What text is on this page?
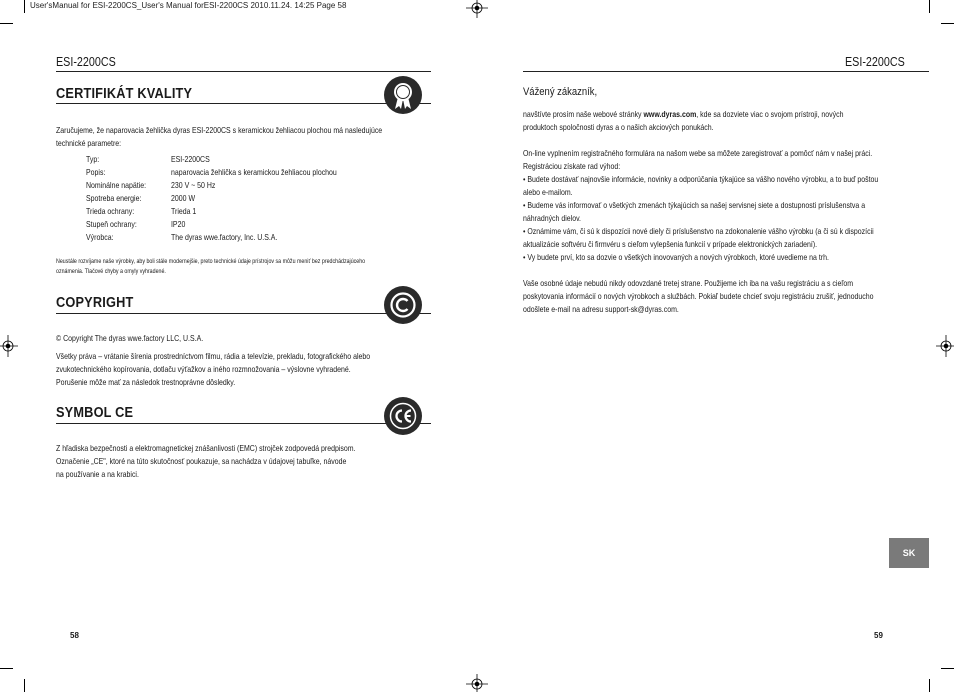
User'sManual for ESI-2200CS_User's Manual forESI-2200CS 2010.11.24. 14:25 Page 58
ESI-2200CS
CERTIFIKÁT KVALITY
Zaručujeme, že naparovacia žehlička dyras ESI-2200CS s keramickou žehliacou plochou má nasledujúce
technické parametre:
Typ:	ESI-2200CS
Popis:	naparovacia žehlička s keramickou žehliacou plochou
Nominálne napätie:	230 V ~ 50 Hz
Spotreba energie:	2000 W
Trieda ochrany:	Trieda 1
Stupeň ochrany:	IP20
Výrobca:	The dyras wwe.factory, Inc. U.S.A.
Neustále rozvíjame naše výrobky, aby boli stále modernejšie, preto technické údaje prístrojov sa môžu meniť bez predchádzajúceho
oznámenia. Tlačové chyby a omyly vyhradené.
COPYRIGHT
© Copyright The dyras wwe.factory LLC, U.S.A.
Všetky práva – vrátanie šírenia prostredníctvom filmu, rádia a televízie, prekladu, fotografického alebo
zvukotechnického kopírovania, dotlaču výťažkov a iného rozmnožovania – výslovne vyhradené.
Porušenie môže mať za následok trestnoprávne dôsledky.
SYMBOL CE
Z hľadiska bezpečnosti a elektromagnetickej znášanlivosti (EMC) strojček zodpovedá predpisom.
Označenie „CE", ktoré na túto skutočnosť poukazuje, sa nachádza v údajovej tabuľke, návode
na používanie a na krabici.
58
ESI-2200CS
Vážený zákazník,
navštívte prosím naše webové stránky www.dyras.com, kde sa dozviete viac o svojom prístroji, nových
produktoch spoločnosti dyras a o našich akciových ponukách.
On-line vyplnením registračného formulára na našom webe sa môžete zaregistrovať a pomôcť nám v našej práci.
Registráciou získate rad výhod:
• Budete dostávať najnovšie informácie, novinky a odporúčania týkajúce sa vášho nového výrobku, a to buď poštou
alebo e-mailom.
• Budeme vás informovať o všetkých zmenách týkajúcich sa našej servisnej siete a dostupnosti príslušenstva a
náhradných dielov.
• Oznámime vám, či sú k dispozícii nové diely či príslušenstvo na zdokonalenie vášho výrobku (a či sú k dispozícii
aktualizácie softvéru či firmvéru s cieľom vylepšenia funkcií v prípade elektronických zariadení).
• Vy budete prví, kto sa dozvie o všetkých inovovaných a nových výrobkoch, ktoré uvedieme na trh.
Vaše osobné údaje nebudú nikdy odovzdané tretej strane. Použijeme ich iba na vašu registráciu a s cieľom
poskytovania informácií o nových výrobkoch a službách. Pokiaľ budete chcieť svoju registráciu zrušiť, jednoducho
odošlete e-mail na adresu support-sk@dyras.com.
SK
59
